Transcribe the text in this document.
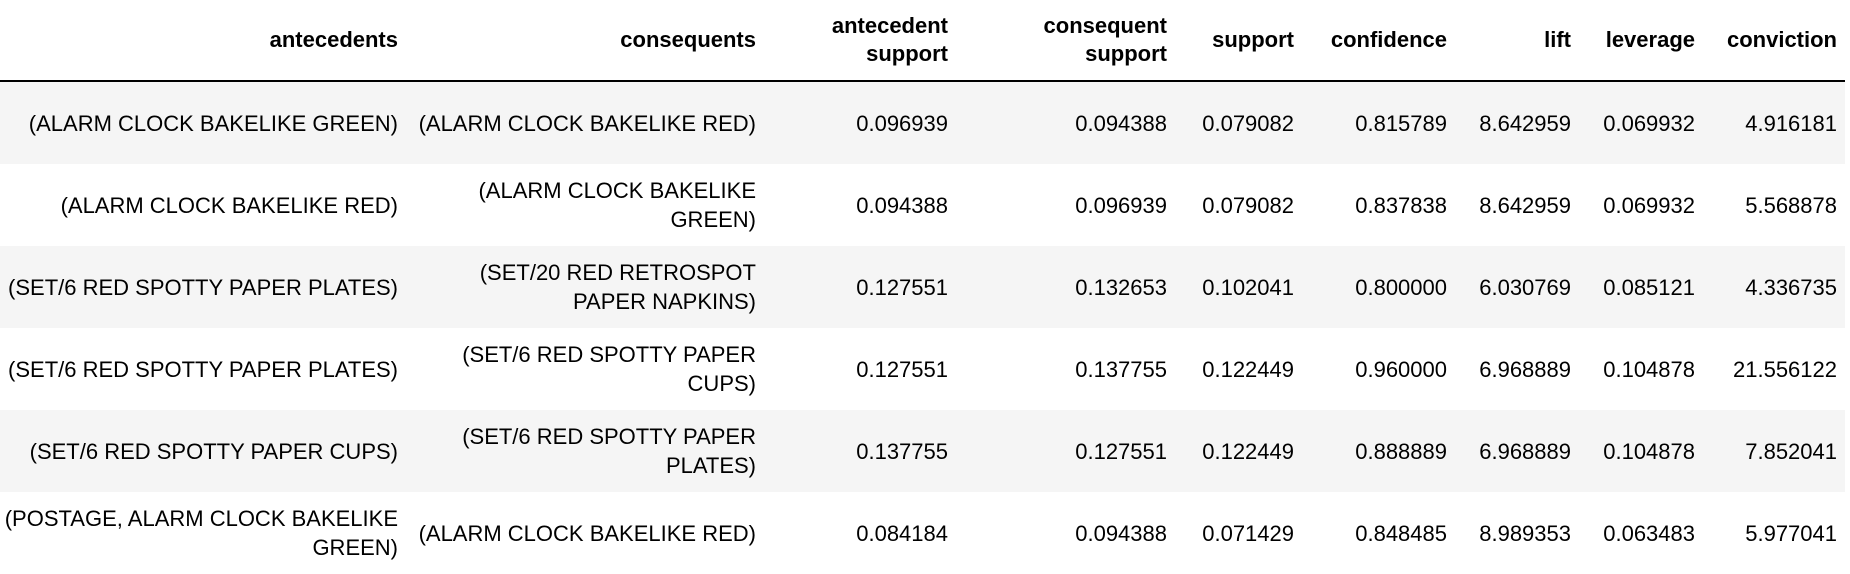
antecedents	consequents	antecedent support	consequent support	support	confidence	lift	leverage	conviction
(ALARM CLOCK BAKELIKE GREEN)	(ALARM CLOCK BAKELIKE RED)	0.096939	0.094388	0.079082	0.815789	8.642959	0.069932	4.916181
(ALARM CLOCK BAKELIKE RED)	(ALARM CLOCK BAKELIKE GREEN)	0.094388	0.096939	0.079082	0.837838	8.642959	0.069932	5.568878
(SET/6 RED SPOTTY PAPER PLATES)	(SET/20 RED RETROSPOT PAPER NAPKINS)	0.127551	0.132653	0.102041	0.800000	6.030769	0.085121	4.336735
(SET/6 RED SPOTTY PAPER PLATES)	(SET/6 RED SPOTTY PAPER CUPS)	0.127551	0.137755	0.122449	0.960000	6.968889	0.104878	21.556122
(SET/6 RED SPOTTY PAPER CUPS)	(SET/6 RED SPOTTY PAPER PLATES)	0.137755	0.127551	0.122449	0.888889	6.968889	0.104878	7.852041
(POSTAGE, ALARM CLOCK BAKELIKE GREEN)	(ALARM CLOCK BAKELIKE RED)	0.084184	0.094388	0.071429	0.848485	8.989353	0.063483	5.977041
